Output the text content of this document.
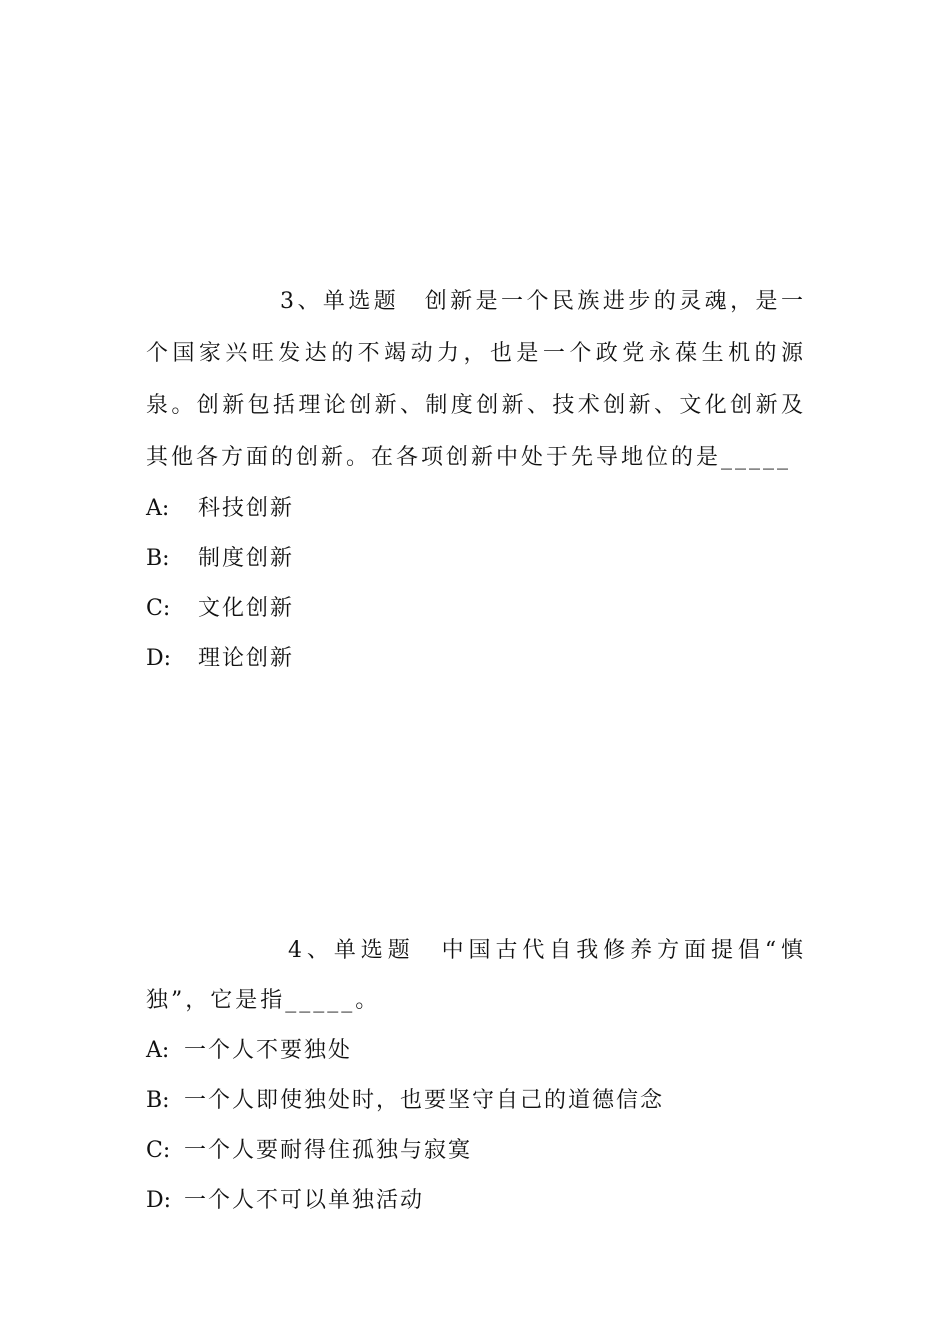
3、单选题　创新是一个民族进步的灵魂，是一个国家兴旺发达的不竭动力，也是一个政党永葆生机的源泉。创新包括理论创新、制度创新、技术创新、文化创新及其他各方面的创新。在各项创新中处于先导地位的是_____

A: 科技创新
B: 制度创新
C: 文化创新
D: 理论创新

4、单选题　中国古代自我修养方面提倡“慎独”，它是指_____。

A: 一个人不要独处
B: 一个人即使独处时，也要坚守自己的道德信念
C: 一个人要耐得住孤独与寂寞
D: 一个人不可以单独活动
